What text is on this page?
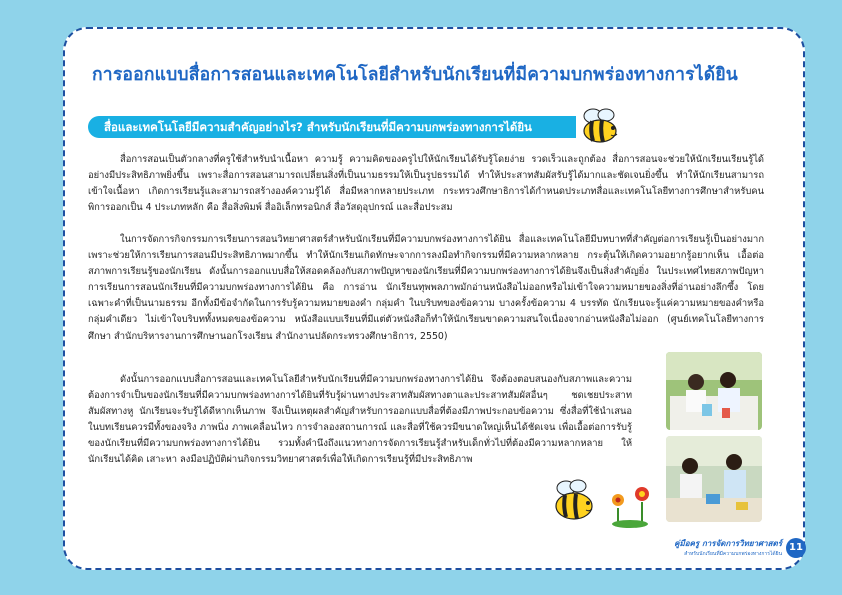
การออกแบบสื่อการสอนและเทคโนโลยีสำหรับนักเรียนที่มีความบกพร่องทางการได้ยิน
สื่อและเทคโนโลยีมีความสำคัญอย่างไร? สำหรับนักเรียนที่มีความบกพร่องทางการได้ยิน

สื่อการสอนเป็นตัวกลางที่ครูใช้สำหรับนำเนื้อหา ความรู้ ความคิดของครูไปให้นักเรียนได้รับรู้โดยง่าย รวดเร็วและถูกต้อง สื่อการสอนจะช่วยให้นักเรียนเรียนรู้ได้อย่างมีประสิทธิภาพยิ่งขึ้น เพราะสื่อการสอนสามารถเปลี่ยนสิ่งที่เป็นนามธรรมให้เป็นรูปธรรมได้ ทำให้ประสาทสัมผัสรับรู้ได้มากและชัดเจนยิ่งขึ้น ทำให้นักเรียนสามารถเข้าใจเนื้อหา เกิดการเรียนรู้และสามารถสร้างองค์ความรู้ได้ สื่อมีหลากหลายประเภท กระทรวงศึกษาธิการได้กำหนดประเภทสื่อและเทคโนโลยีทางการศึกษาสำหรับคนพิการออกเป็น 4 ประเภทหลัก คือ สื่อสิ่งพิมพ์ สื่ออิเล็กทรอนิกส์ สื่อวัสดุอุปกรณ์ และสื่อประสม

ในการจัดการกิจกรรมการเรียนการสอนวิทยาศาสตร์สำหรับนักเรียนที่มีความบกพร่องทางการได้ยิน สื่อและเทคโนโลยีมีบทบาทที่สำคัญต่อการเรียนรู้เป็นอย่างมาก เพราะช่วยให้การเรียนการสอนมีประสิทธิภาพมากขึ้น ทำให้นักเรียนเกิดทักษะจากการลงมือทำกิจกรรมที่มีความหลากหลาย กระตุ้นให้เกิดความอยากรู้อยากเห็น เอื้อต่อสภาพการเรียนรู้ของนักเรียน ดังนั้นการออกแบบสื่อให้สอดคล้องกับสภาพปัญหาของนักเรียนที่มีความบกพร่องทางการได้ยินจึงเป็นสิ่งสำคัญยิ่ง ในประเทศไทยสภาพปัญหาการเรียนการสอนนักเรียนที่มีความบกพร่องทางการได้ยิน คือ การอ่าน นักเรียนทุพพลภาพมักอ่านหนังสือไม่ออกหรือไม่เข้าใจความหมายของสิ่งที่อ่านอย่างลึกซึ้ง โดยเฉพาะคำที่เป็นนามธรรม อีกทั้งมีข้อจำกัดในการรับรู้ความหมายของคำ กลุ่มคำ ในบริบทของข้อความ บางครั้งข้อความ 4 บรรทัด นักเรียนจะรู้แค่ความหมายของคำหรือกลุ่มคำเดียว ไม่เข้าใจบริบททั้งหมดของข้อความ หนังสือแบบเรียนที่มีแต่ตัวหนังสือก็ทำให้นักเรียนขาดความสนใจเนื่องจากอ่านหนังสือไม่ออก (ศูนย์เทคโนโลยีทางการศึกษา สำนักบริหารงานการศึกษานอกโรงเรียน สำนักงานปลัดกระทรวงศึกษาธิการ, 2550)

ดังนั้นการออกแบบสื่อการสอนและเทคโนโลยีสำหรับนักเรียนที่มีความบกพร่องทางการได้ยิน จึงต้องตอบสนองกับสภาพและความต้องการจำเป็นของนักเรียนที่มีความบกพร่องทางการได้ยินที่รับรู้ผ่านทางประสาทสัมผัสทางตาและประสาทสัมผัสอื่นๆ ชดเชยประสาทสัมผัสทางหู นักเรียนจะรับรู้ได้ดีหากเห็นภาพ จึงเป็นเหตุผลสำคัญสำหรับการออกแบบสื่อที่ต้องมีภาพประกอบข้อความ ซึ่งสื่อที่ใช้นำเสนอในบทเรียนควรมีทั้งของจริง ภาพนิ่ง ภาพเคลื่อนไหว การจำลองสถานการณ์ และสื่อที่ใช้ควรมีขนาดใหญ่เห็นได้ชัดเจน เพื่อเอื้อต่อการรับรู้ของนักเรียนที่มีความบกพร่องทางการได้ยิน รวมทั้งคำนึงถึงแนวทางการจัดการเรียนรู้สำหรับเด็กทั่วไปที่ต้องมีความหลากหลาย ให้นักเรียนได้คิด เสาะหา ลงมือปฏิบัติผ่านกิจกรรมวิทยาศาสตร์เพื่อให้เกิดการเรียนรู้ที่มีประสิทธิภาพ

คู่มือครู การจัดการวิทยาศาสตร์
สำหรับนักเรียนที่มีความบกพร่องทางการได้ยิน
11
